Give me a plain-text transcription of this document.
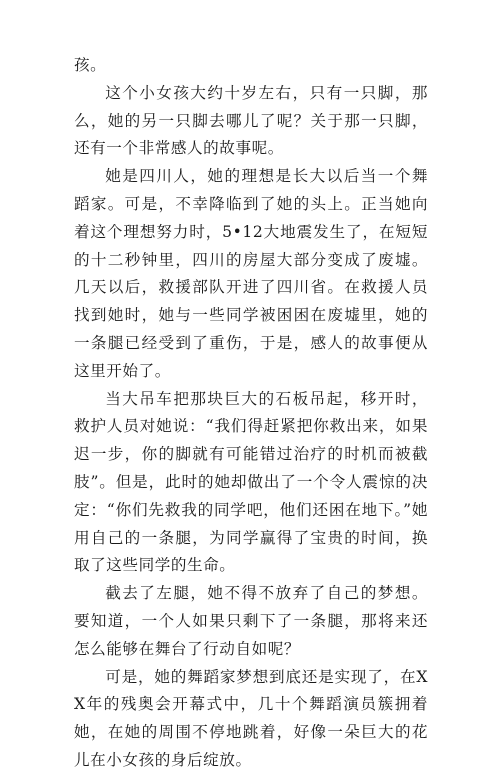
孩。

这个小女孩大约十岁左右，只有一只脚，那么，她的另一只脚去哪儿了呢？关于那一只脚，还有一个非常感人的故事呢。

她是四川人，她的理想是长大以后当一个舞蹈家。可是，不幸降临到了她的头上。正当她向着这个理想努力时，5•12大地震发生了，在短短的十二秒钟里，四川的房屋大部分变成了废墟。几天以后，救援部队开进了四川省。在救援人员找到她时，她与一些同学被困困在废墟里，她的一条腿已经受到了重伤，于是，感人的故事便从这里开始了。

当大吊车把那块巨大的石板吊起，移开时，救护人员对她说：“我们得赶紧把你救出来，如果迟一步，你的脚就有可能错过治疗的时机而被截肢”。但是，此时的她却做出了一个令人震惊的决定：“你们先救我的同学吧，他们还困在地下。”她用自己的一条腿，为同学赢得了宝贵的时间，换取了这些同学的生命。

截去了左腿，她不得不放弃了自己的梦想。要知道，一个人如果只剩下了一条腿，那将来还怎么能够在舞台了行动自如呢？

可是，她的舞蹈家梦想到底还是实现了，在XX年的残奥会开幕式中，几十个舞蹈演员簇拥着她，在她的周围不停地跳着，好像一朵巨大的花儿在小女孩的身后绽放。
